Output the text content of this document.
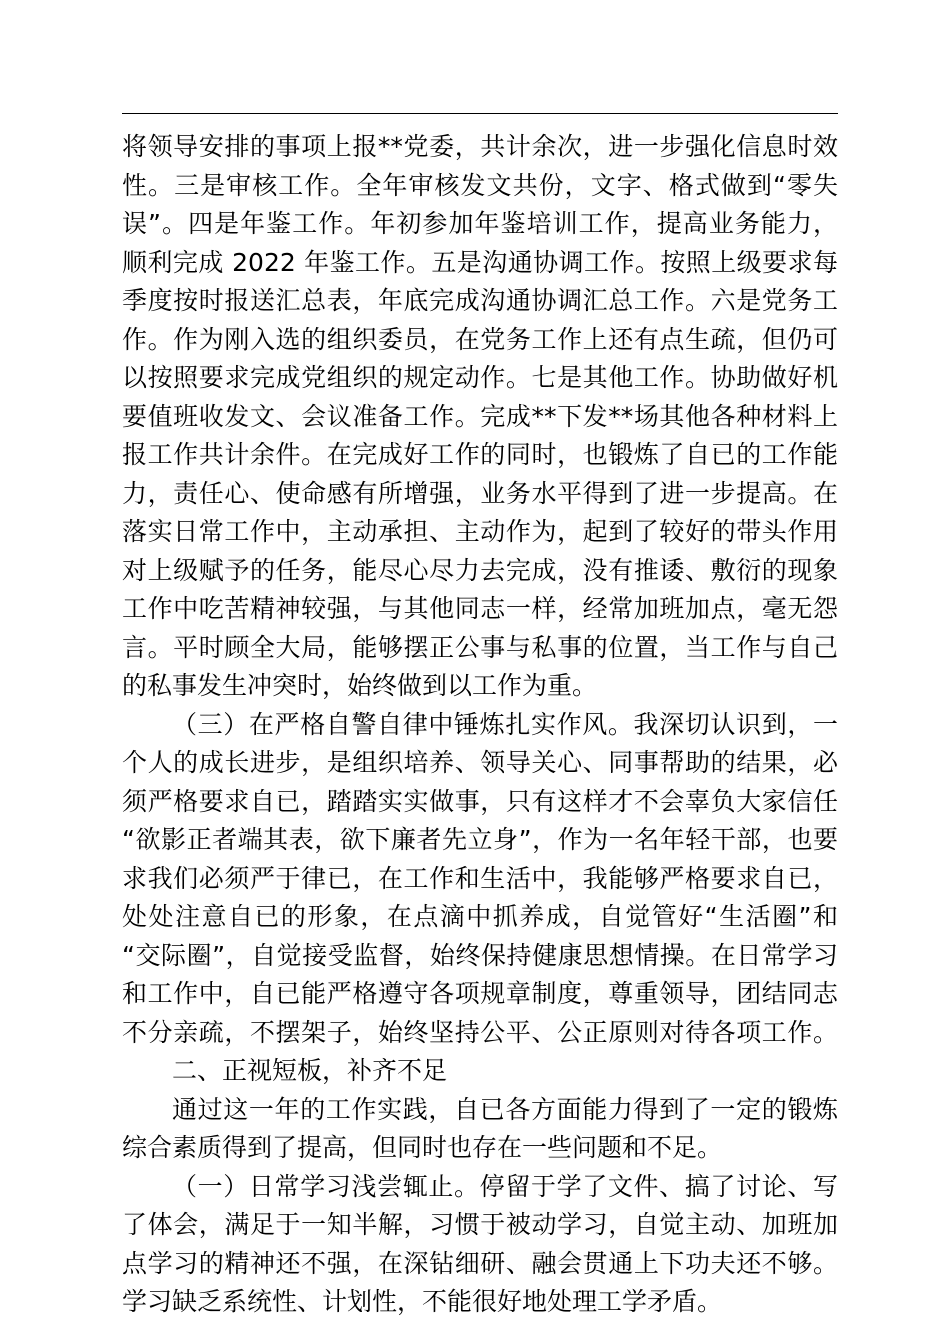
将领导安排的事项上报**党委，共计余次，进一步强化信息时效
性。三是审核工作。全年审核发文共份，文字、格式做到“零失
误”。四是年鉴工作。年初参加年鉴培训工作，提高业务能力，
顺利完成 2022 年鉴工作。五是沟通协调工作。按照上级要求每
季度按时报送汇总表，年底完成沟通协调汇总工作。六是党务工
作。作为刚入选的组织委员，在党务工作上还有点生疏，但仍可
以按照要求完成党组织的规定动作。七是其他工作。协助做好机
要值班收发文、会议准备工作。完成**下发**场其他各种材料上
报工作共计余件。在完成好工作的同时，也锻炼了自已的工作能
力，责任心、使命感有所增强，业务水平得到了进一步提高。在
落实日常工作中，主动承担、主动作为，起到了较好的带头作用
对上级赋予的任务，能尽心尽力去完成，没有推诿、敷衍的现象
工作中吃苦精神较强，与其他同志一样，经常加班加点，毫无怨
言。平时顾全大局，能够摆正公事与私事的位置，当工作与自己
的私事发生冲突时，始终做到以工作为重。
（三）在严格自警自律中锤炼扎实作风。我深切认识到，一
个人的成长进步，是组织培养、领导关心、同事帮助的结果，必
须严格要求自已，踏踏实实做事，只有这样才不会辜负大家信任
“欲影正者端其表，欲下廉者先立身”，作为一名年轻干部，也要
求我们必须严于律已，在工作和生活中，我能够严格要求自已，
处处注意自已的形象，在点滴中抓养成，自觉管好“生活圈”和
“交际圈”，自觉接受监督，始终保持健康思想情操。在日常学习
和工作中，自已能严格遵守各项规章制度，尊重领导，团结同志
不分亲疏，不摆架子，始终坚持公平、公正原则对待各项工作。
二、正视短板，补齐不足
通过这一年的工作实践，自已各方面能力得到了一定的锻炼
综合素质得到了提高，但同时也存在一些问题和不足。
（一）日常学习浅尝辄止。停留于学了文件、搞了讨论、写
了体会，满足于一知半解，习惯于被动学习，自觉主动、加班加
点学习的精神还不强，在深钻细研、融会贯通上下功夫还不够。
学习缺乏系统性、计划性，不能很好地处理工学矛盾。
